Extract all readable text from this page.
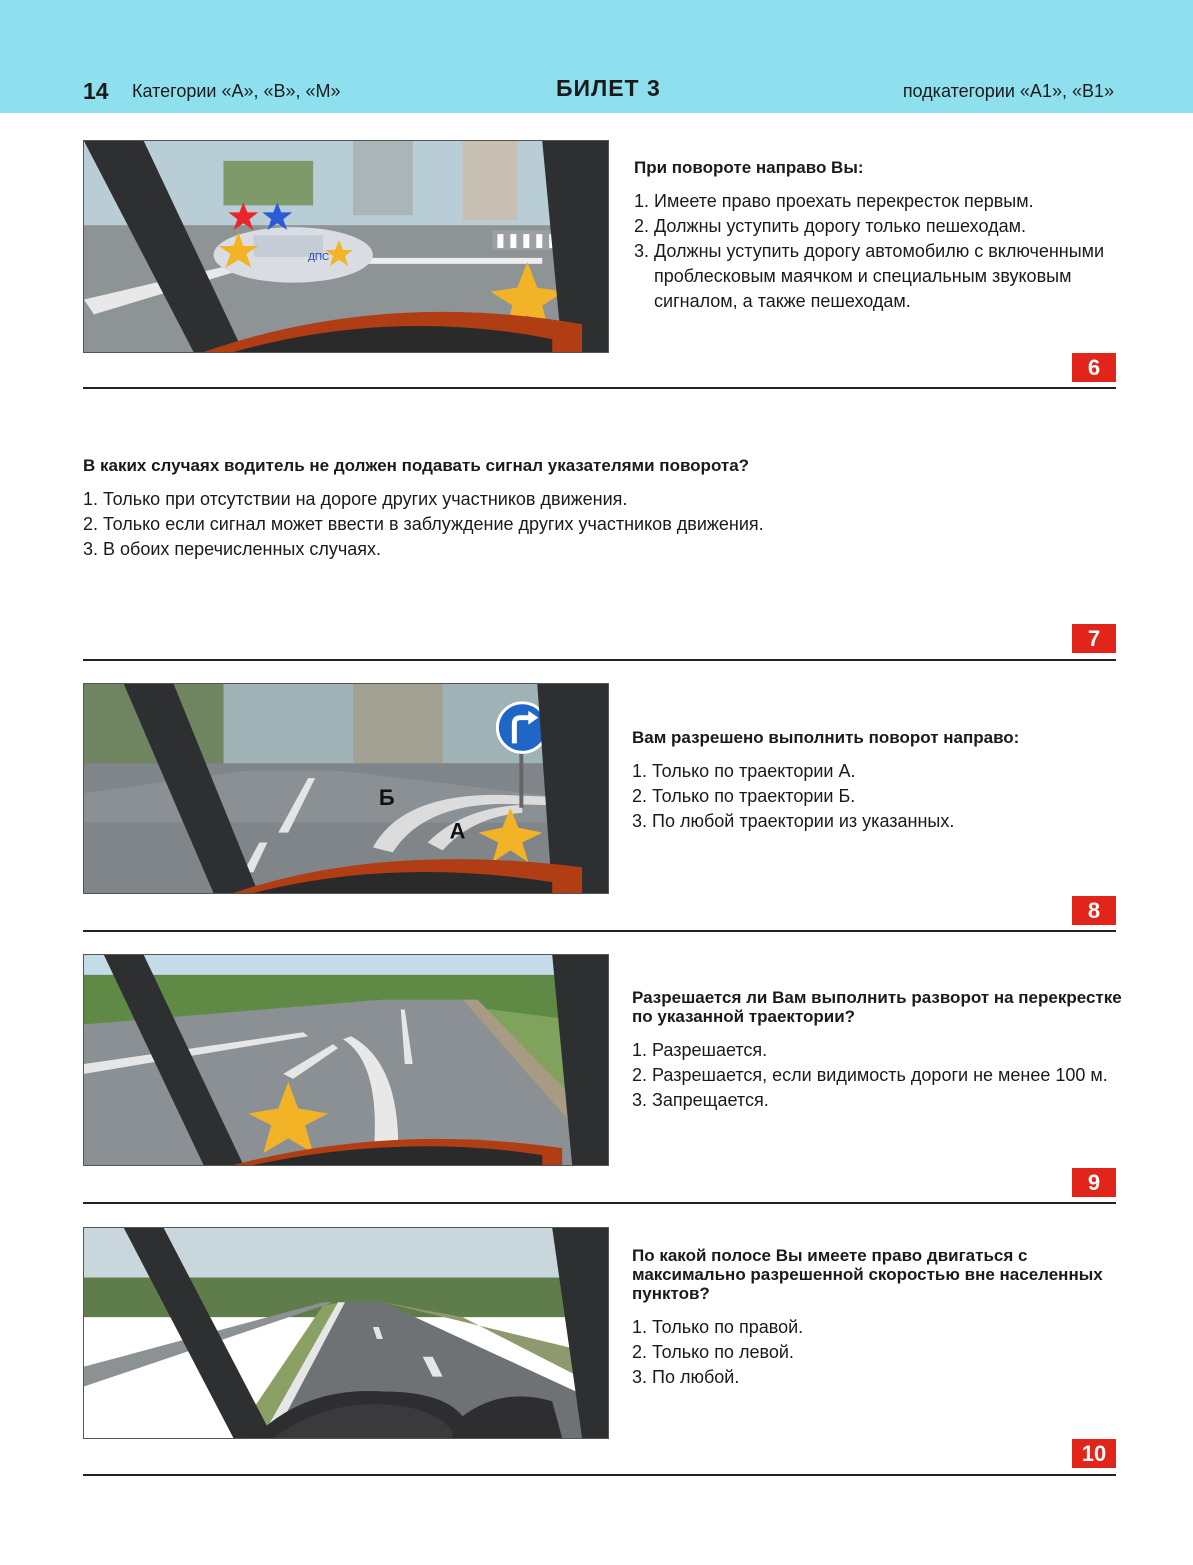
14 Категории «А», «В», «М»	БИЛЕТ 3	подкатегории «А1», «В1»
ДПС

При повороте направо Вы:

1. Имеете право проехать перекресток первым.
2. Должны уступить дорогу только пешеходам.
3. Должны уступить дорогу автомобилю с включенными проблесковым маячком и специальным звуковым сигналом, а также пешеходам.
6

В каких случаях водитель не должен подавать сигнал указателями поворота?

1. Только при отсутствии на дороге других участников движения.
2. Только если сигнал может ввести в заблуждение других участников движения.
3. В обоих перечисленных случаях.
7
Б
А

Вам разрешено выполнить поворот направо:

1. Только по траектории А.
2. Только по траектории Б.
3. По любой траектории из указанных.
8

Разрешается ли Вам выполнить разворот на перекрестке по указанной траектории?

1. Разрешается.
2. Разрешается, если видимость дороги не менее 100 м.
3. Запрещается.
9

По какой полосе Вы имеете право двигаться с максимально разрешенной скоростью вне населенных пунктов?

1. Только по правой.
2. Только по левой.
3. По любой.
10
